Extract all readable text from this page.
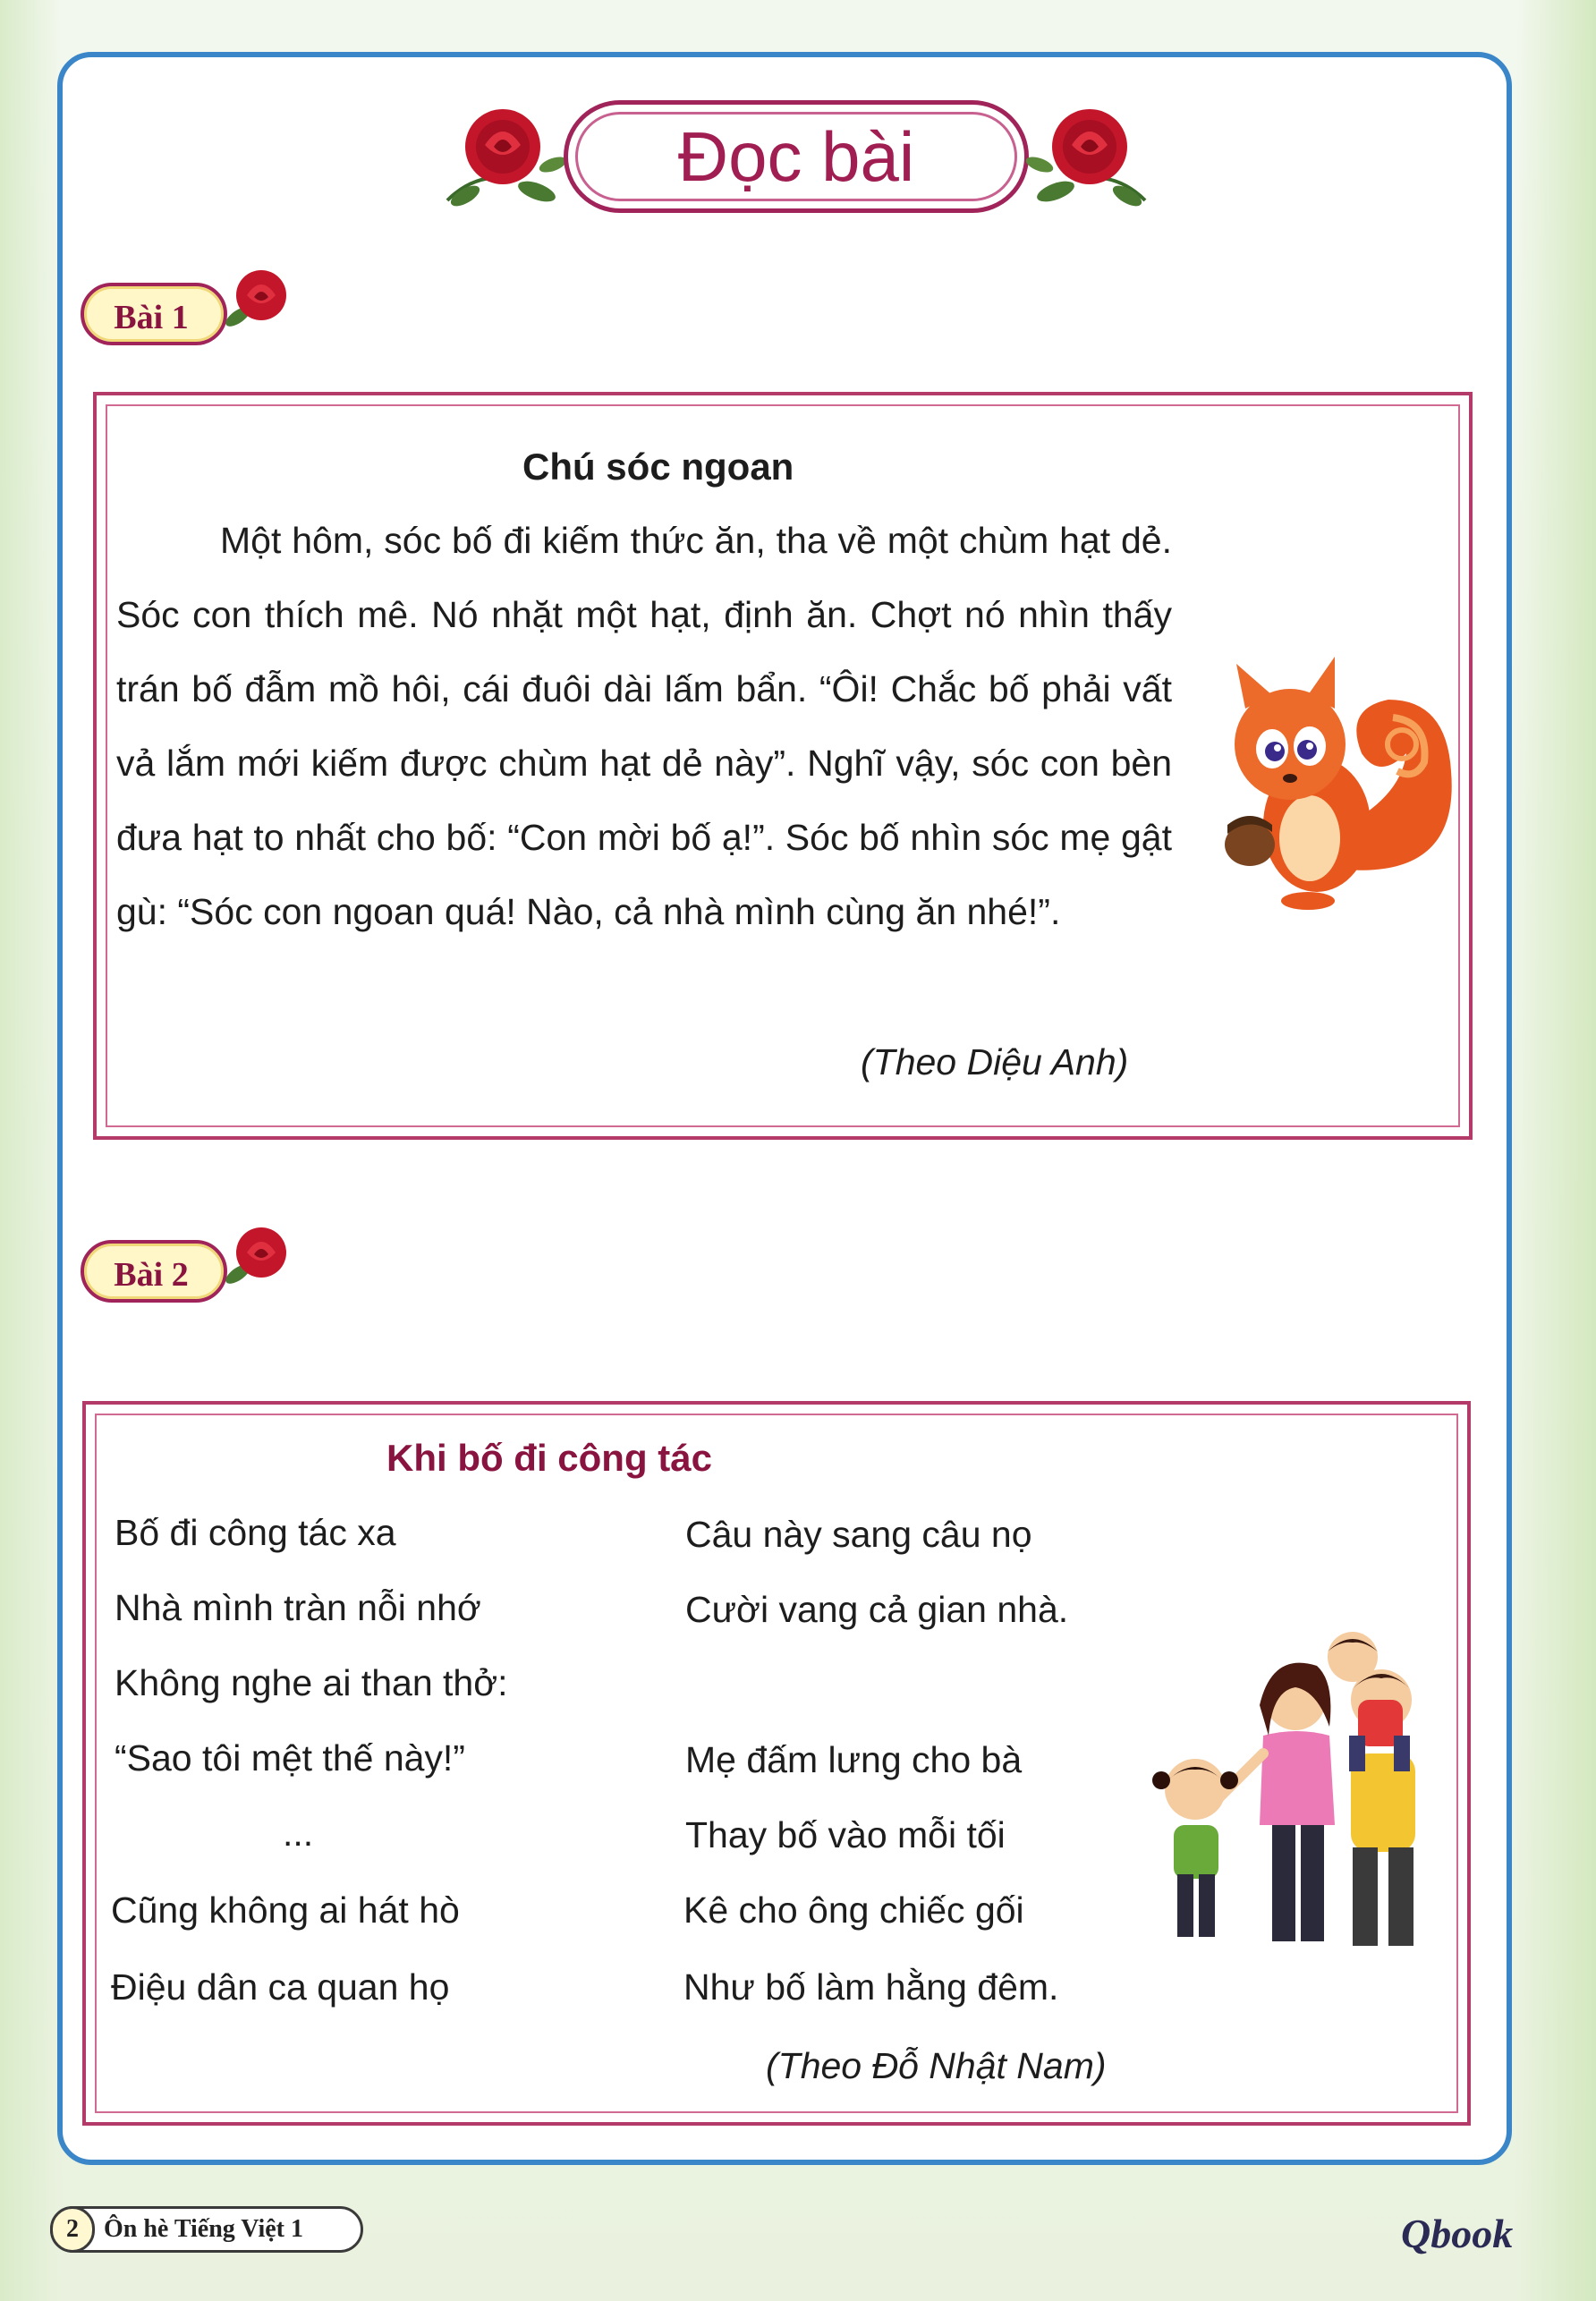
Đọc bài
Bài 1
Chú sóc ngoan

Một hôm, sóc bố đi kiếm thức ăn, tha về một chùm hạt dẻ. Sóc con thích mê. Nó nhặt một hạt, định ăn. Chợt nó nhìn thấy trán bố đẫm mồ hôi, cái đuôi dài lấm bẩn. “Ôi! Chắc bố phải vất vả lắm mới kiếm được chùm hạt dẻ này”. Nghĩ vậy, sóc con bèn đưa hạt to nhất cho bố: “Con mời bố ạ!”. Sóc bố nhìn sóc mẹ gật gù: “Sóc con ngoan quá! Nào, cả nhà mình cùng ăn nhé!”.

(Theo Diệu Anh)
Bài 2
Khi bố đi công tác
Bố đi công tác xa
Nhà mình tràn nỗi nhớ
Không nghe ai than thở:
“Sao tôi mệt thế này!”
...
Cũng không ai hát hò
Điệu dân ca quan họ
Câu này sang câu nọ
Cười vang cả gian nhà.
Mẹ đấm lưng cho bà
Thay bố vào mỗi tối
Kê cho ông chiếc gối
Như bố làm hằng đêm.
(Theo Đỗ Nhật Nam)
2	Ôn hè Tiếng Việt 1	Qbook
